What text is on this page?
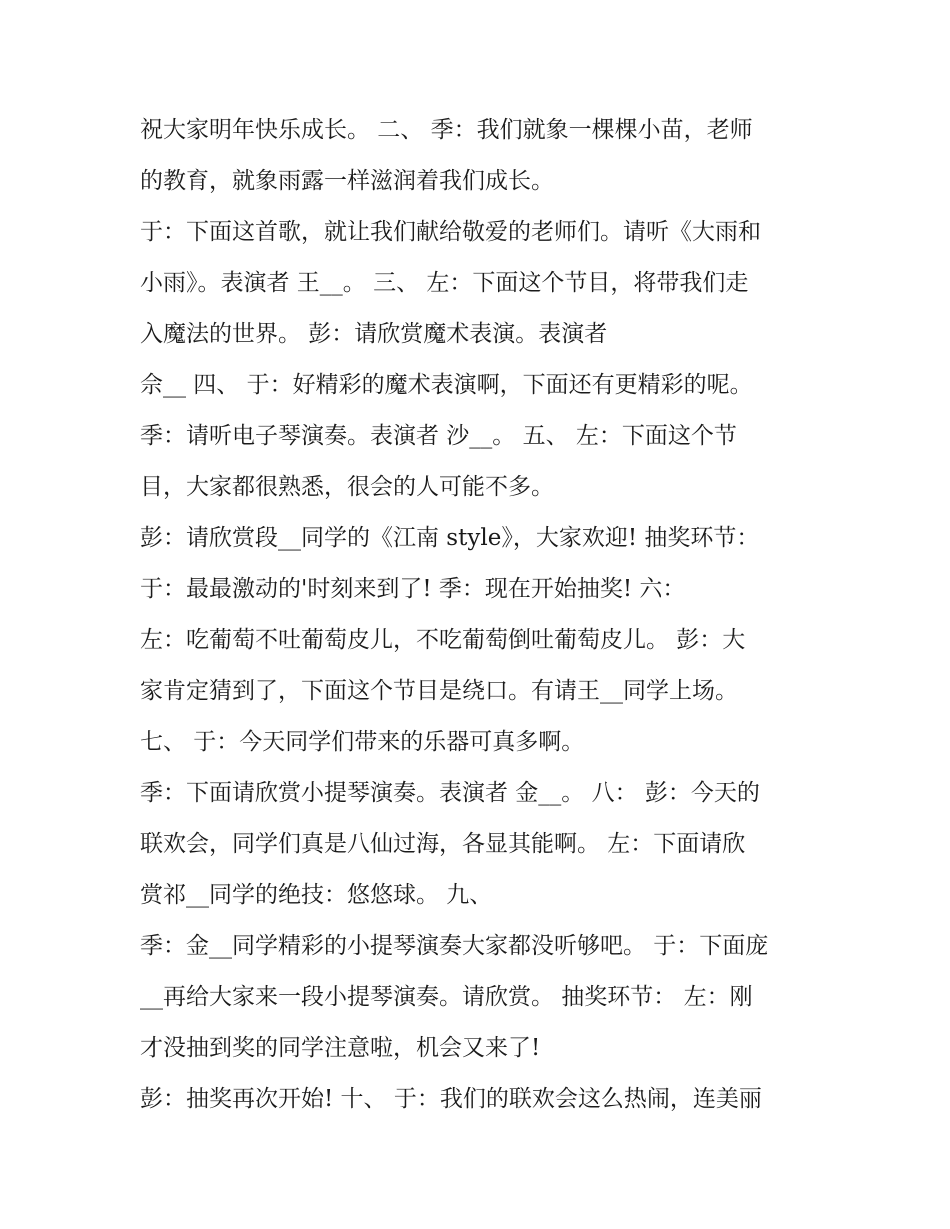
祝大家明年快乐成长。 二、 季：我们就象一棵棵小苗，老师
的教育，就象雨露一样滋润着我们成长。
于：下面这首歌，就让我们献给敬爱的老师们。请听《大雨和
小雨》。表演者 王__。 三、 左：下面这个节目，将带我们走
入魔法的世界。 彭：请欣赏魔术表演。表演者
佘__ 四、 于：好精彩的魔术表演啊，下面还有更精彩的呢。
季：请听电子琴演奏。表演者 沙__。 五、 左：下面这个节
目，大家都很熟悉，很会的人可能不多。
彭：请欣赏段__同学的《江南 style》，大家欢迎! 抽奖环节：
于：最最激动的'时刻来到了! 季：现在开始抽奖! 六：
左：吃葡萄不吐葡萄皮儿，不吃葡萄倒吐葡萄皮儿。 彭：大
家肯定猜到了，下面这个节目是绕口。有请王__同学上场。
七、 于：今天同学们带来的乐器可真多啊。
季：下面请欣赏小提琴演奏。表演者 金__。 八： 彭：今天的
联欢会，同学们真是八仙过海，各显其能啊。 左：下面请欣
赏祁__同学的绝技：悠悠球。 九、
季：金__同学精彩的小提琴演奏大家都没听够吧。 于：下面庞
__再给大家来一段小提琴演奏。请欣赏。 抽奖环节： 左：刚
才没抽到奖的同学注意啦，机会又来了!
彭：抽奖再次开始! 十、 于：我们的联欢会这么热闹，连美丽
